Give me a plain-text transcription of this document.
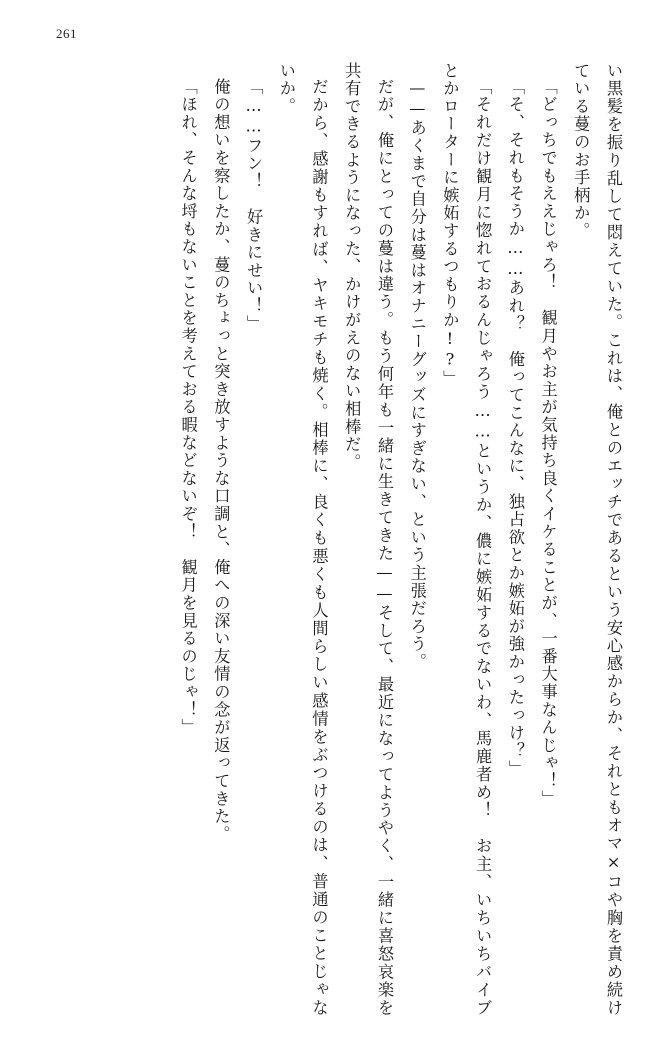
261

い黒髪を振り乱して悶えていた。これは、俺とのエッチであるという安心感からか、それともオマ×コや胸を責め続けている蔓のお手柄か。

「どっちでもええじゃろ！　観月やお主が気持ち良くイケることが、一番大事なんじゃ！」

「そ、それもそうか……あれ？　俺ってこんなに、独占欲とか嫉妬が強かったっけ？」

「それだけ観月に惚れておるんじゃろう……というか、儂に嫉妬するでないわ、馬鹿者め！　お主、いちいちバイブとかローターに嫉妬するつもりか!?」

——あくまで自分は蔓はオナニーグッズにすぎない、という主張だろう。

だが、俺にとっての蔓は違う。もう何年も一緒に生きてきた——そして、最近になってようやく、一緒に喜怒哀楽を共有できるようになった、かけがえのない相棒だ。

だから、感謝もすれば、ヤキモチも焼く。相棒に、良くも悪くも人間らしい感情をぶつけるのは、普通のことじゃないか。

「……フン！　好きにせい！」

俺の想いを察したか、蔓のちょっと突き放すような口調と、俺への深い友情の念が返ってきた。

「ほれ、そんな埒もないことを考えておる暇などないぞ！　観月を見るのじゃ！」
